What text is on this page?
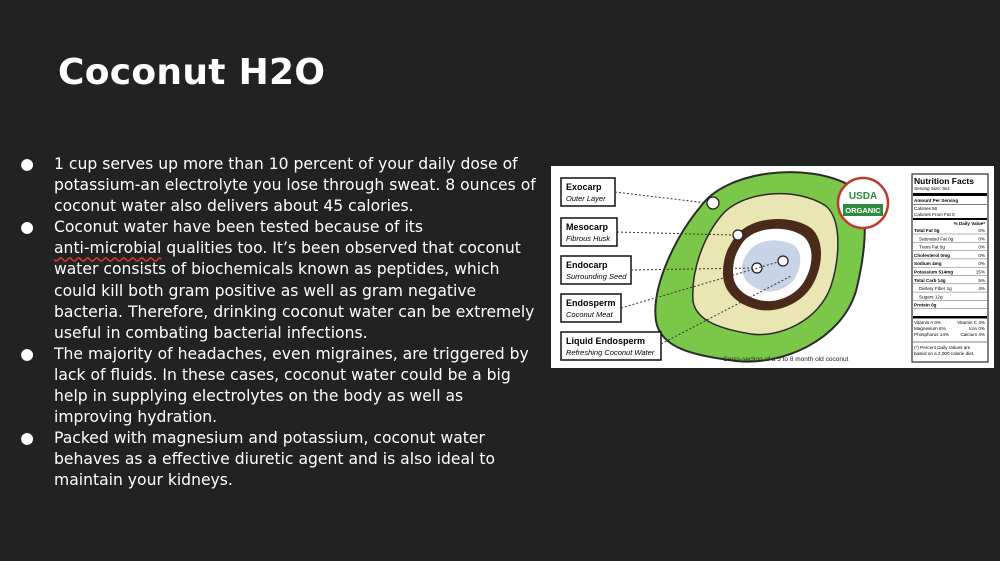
Coconut H2O
● 1 cup serves up more than 10 percent of your daily dose of potassium-an electrolyte you lose through sweat. 8 ounces of coconut water also delivers about 45 calories.
● Coconut water have been tested because of its
anti-microbial qualities too. It’s been observed that coconut water consists of biochemicals known as peptides, which could kill both gram positive as well as gram negative bacteria. Therefore, drinking coconut water can be extremely useful in combating bacterial infections.
● The majority of headaches, even migraines, are triggered by lack of fluids. In these cases, coconut water could be a big help in supplying electrolytes on the body as well as improving hydration.
● Packed with magnesium and potassium, coconut water behaves as a effective diuretic agent and is also ideal to maintain your kidneys.
Exocarp
Outer Layer
Mesocarp
Fibrous Husk
Endocarp
Surrounding Seed
Endosperm
Coconut Meat
Liquid Endosperm
Refreshing Coconut Water
Cross-section of a 5 to 8 month old coconut
USDA
ORGANIC
Nutrition Facts
Serving Size: 8oz
Amount Per Serving
Calories 56
Calories From Fat 0
% Daily Value*
Total Fat 0g	0%
Saturated Fat 0g	0%
Trans Fat 0g	0%
Cholesterol 0mg	0%
Sodium 4mg	0%
Potassium 514mg	15%
Total Carb 14g	5%
Dietary Fiber 1g	4%
Sugars 12g
Protein 0g
Vitamin A 0%	Vitamin C 4%
Magnesium 6%	Iron 0%
Phosphorus 14% Calcium 4%
(*) Percent Daily Values are
based on a 2,000 calorie diet.
